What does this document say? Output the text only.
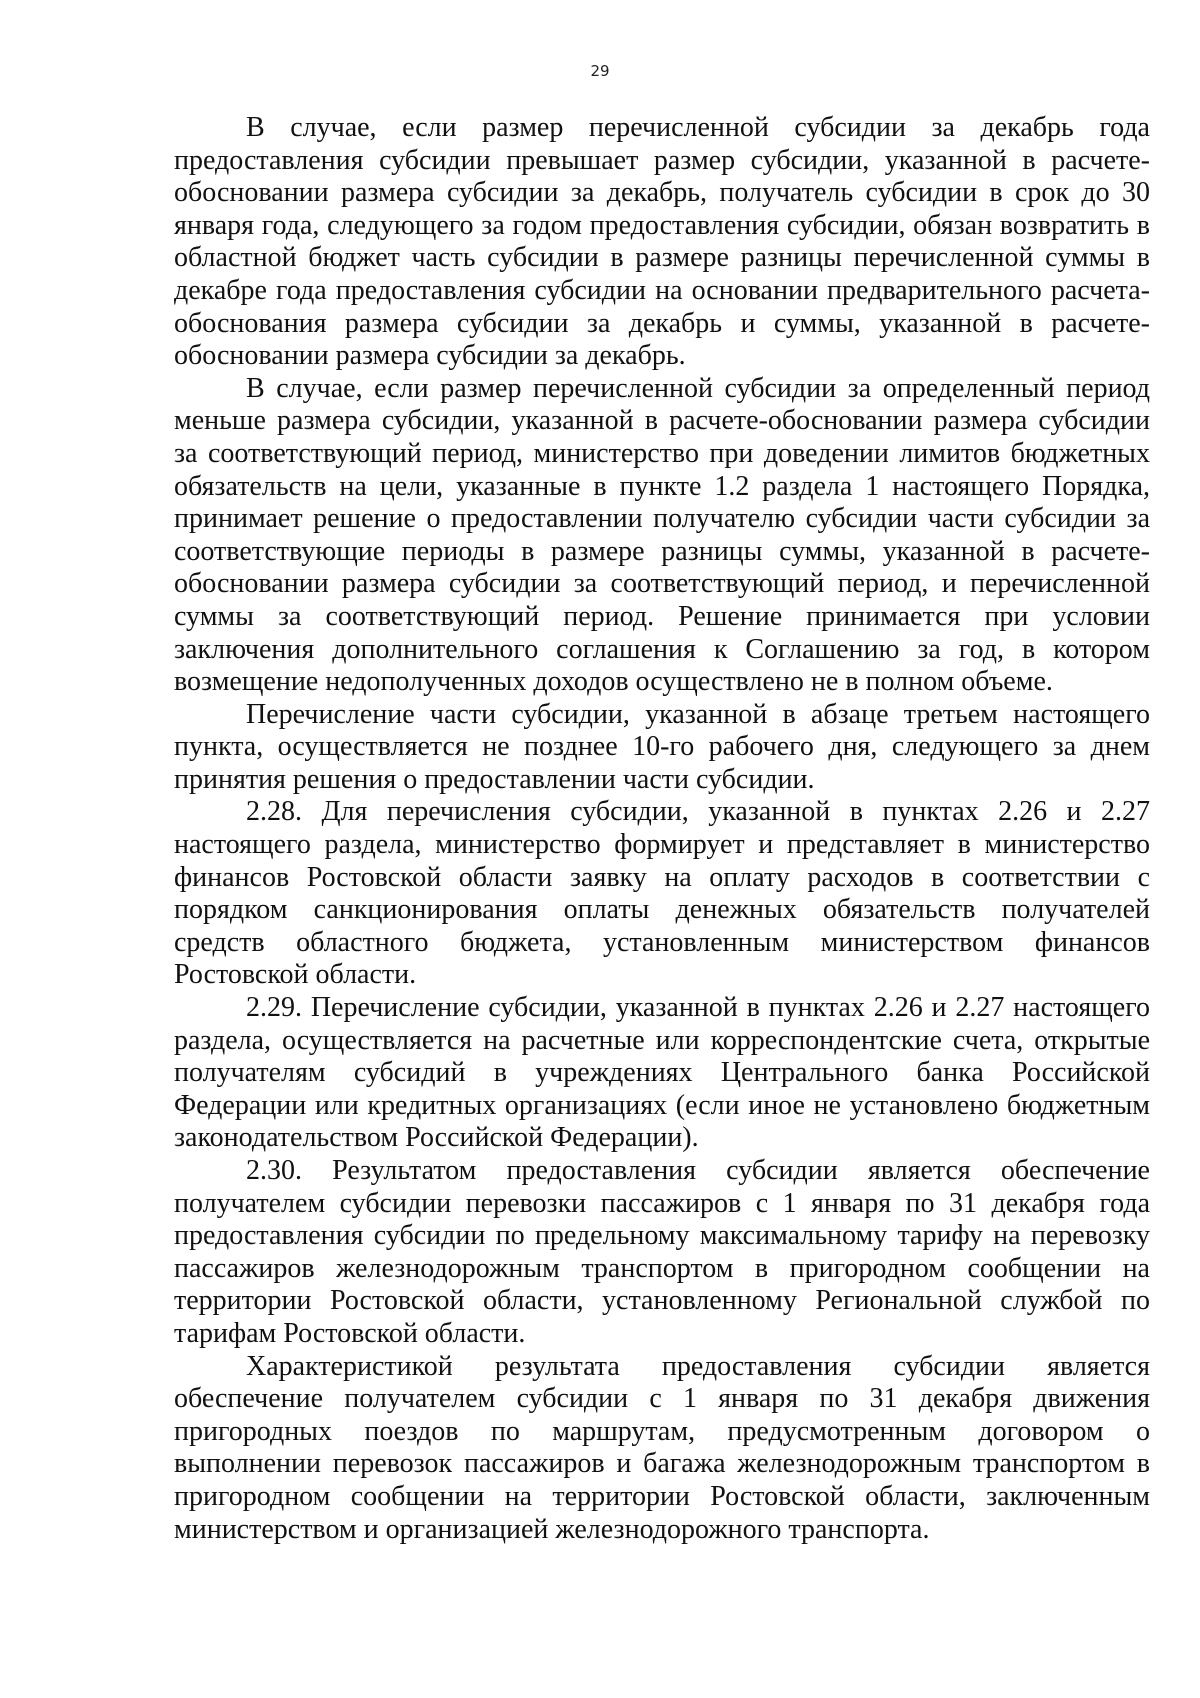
29

В случае, если размер перечисленной субсидии за декабрь года предоставления субсидии превышает размер субсидии, указанной в расчете-обосновании размера субсидии за декабрь, получатель субсидии в срок до 30 января года, следующего за годом предоставления субсидии, обязан возвратить в областной бюджет часть субсидии в размере разницы перечисленной суммы в декабре года предоставления субсидии на основании предварительного расчета-обоснования размера субсидии за декабрь и суммы, указанной в расчете-обосновании размера субсидии за декабрь.

В случае, если размер перечисленной субсидии за определенный период меньше размера субсидии, указанной в расчете-обосновании размера субсидии за соответствующий период, министерство при доведении лимитов бюджетных обязательств на цели, указанные в пункте 1.2 раздела 1 настоящего Порядка, принимает решение о предоставлении получателю субсидии части субсидии за соответствующие периоды в размере разницы суммы, указанной в расчете-обосновании размера субсидии за соответствующий период, и перечисленной суммы за соответствующий период. Решение принимается при условии заключения дополнительного соглашения к Соглашению за год, в котором возмещение недополученных доходов осуществлено не в полном объеме.

Перечисление части субсидии, указанной в абзаце третьем настоящего пункта, осуществляется не позднее 10-го рабочего дня, следующего за днем принятия решения о предоставлении части субсидии.

2.28. Для перечисления субсидии, указанной в пунктах 2.26 и 2.27 настоящего раздела, министерство формирует и представляет в министерство финансов Ростовской области заявку на оплату расходов в соответствии с порядком санкционирования оплаты денежных обязательств получателей средств областного бюджета, установленным министерством финансов Ростовской области.

2.29. Перечисление субсидии, указанной в пунктах 2.26 и 2.27 настоящего раздела, осуществляется на расчетные или корреспондентские счета, открытые получателям субсидий в учреждениях Центрального банка Российской Федерации или кредитных организациях (если иное не установлено бюджетным законодательством Российской Федерации).

2.30. Результатом предоставления субсидии является обеспечение получателем субсидии перевозки пассажиров с 1 января по 31 декабря года предоставления субсидии по предельному максимальному тарифу на перевозку пассажиров железнодорожным транспортом в пригородном сообщении на территории Ростовской области, установленному Региональной службой по тарифам Ростовской области.

Характеристикой результата предоставления субсидии является обеспечение получателем субсидии с 1 января по 31 декабря движения пригородных поездов по маршрутам, предусмотренным договором о выполнении перевозок пассажиров и багажа железнодорожным транспортом в пригородном сообщении на территории Ростовской области, заключенным министерством и организацией железнодорожного транспорта.
